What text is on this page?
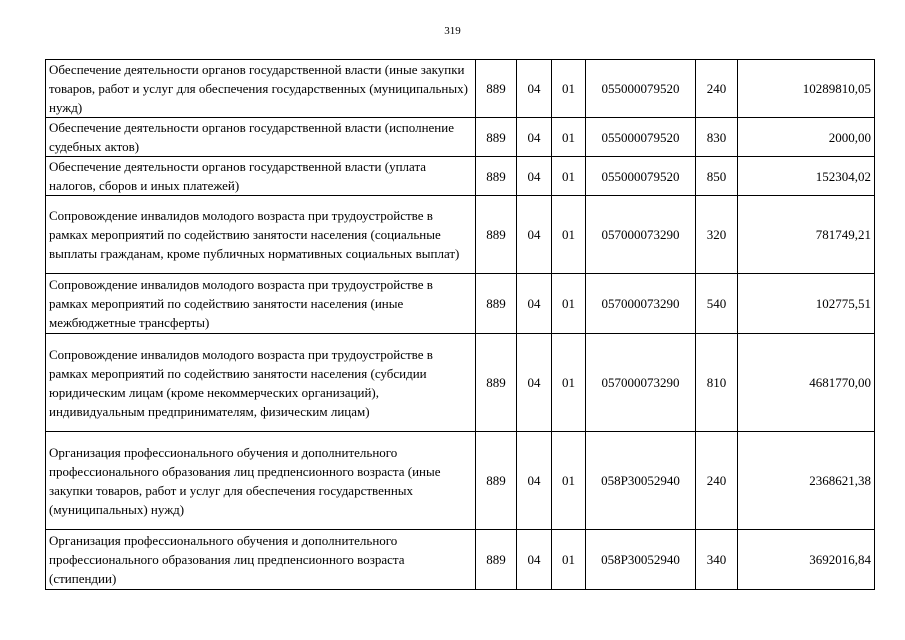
319
Обеспечение деятельности органов государственной власти (иные закупки товаров, работ и услуг для обеспечения государственных (муниципальных) нужд)	889	04	01	055000079520	240	10289810,05
Обеспечение деятельности органов государственной власти (исполнение судебных актов)	889	04	01	055000079520	830	2000,00
Обеспечение деятельности органов государственной власти (уплата налогов, сборов и иных платежей)	889	04	01	055000079520	850	152304,02
Сопровождение инвалидов молодого возраста при трудоустройстве в рамках мероприятий по содействию занятости населения (социальные выплаты гражданам, кроме публичных нормативных социальных выплат)	889	04	01	057000073290	320	781749,21
Сопровождение инвалидов молодого возраста при трудоустройстве в рамках мероприятий по содействию занятости населения (иные межбюджетные трансферты)	889	04	01	057000073290	540	102775,51
Сопровождение инвалидов молодого возраста при трудоустройстве в рамках мероприятий по содействию занятости населения (субсидии юридическим лицам (кроме некоммерческих организаций), индивидуальным предпринимателям, физическим лицам)	889	04	01	057000073290	810	4681770,00
Организация профессионального обучения и дополнительного профессионального образования лиц предпенсионного возраста (иные закупки товаров, работ и услуг для обеспечения государственных (муниципальных) нужд)	889	04	01	058P30052940	240	2368621,38
Организация профессионального обучения и дополнительного профессионального образования лиц предпенсионного возраста (стипендии)	889	04	01	058P30052940	340	3692016,84
